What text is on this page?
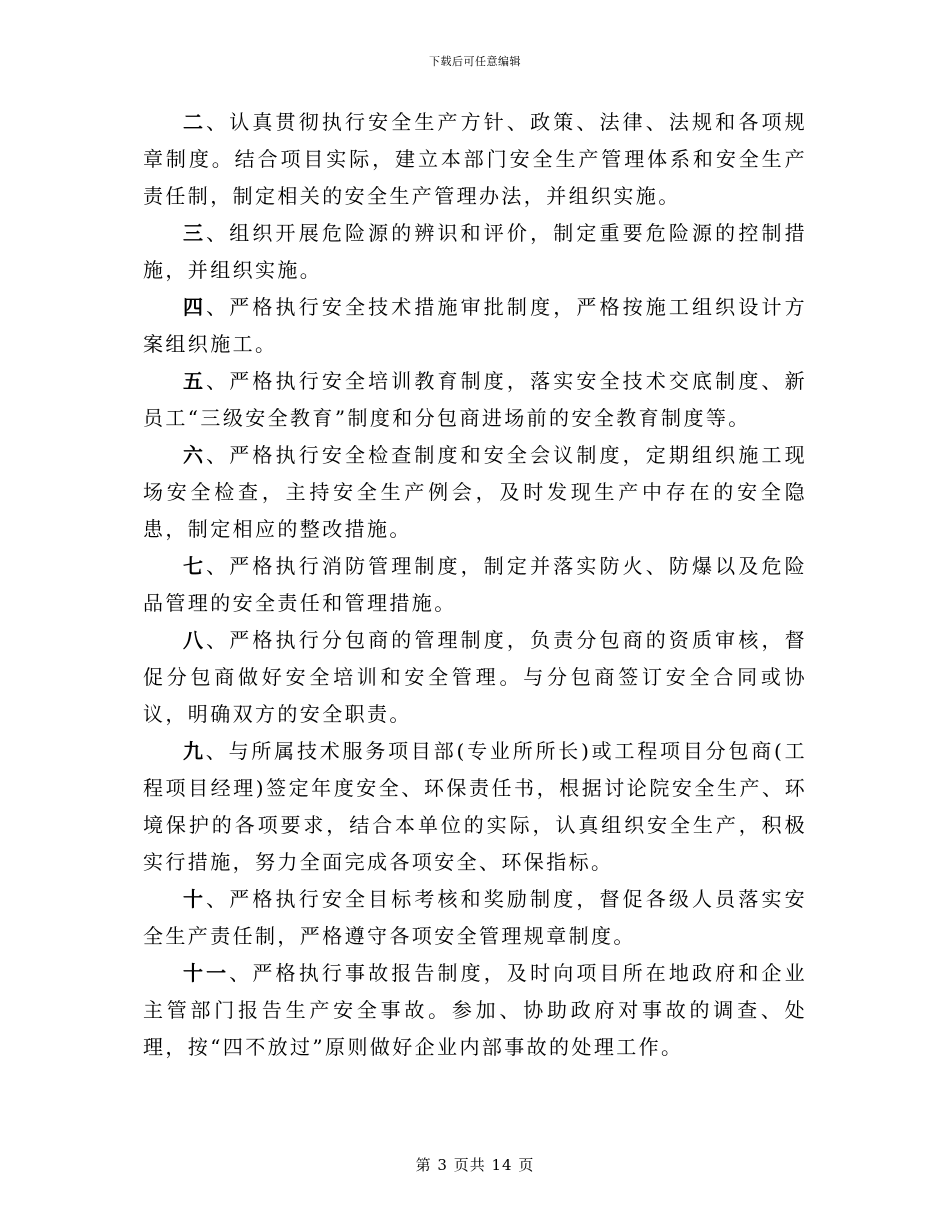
下载后可任意编辑

二、认真贯彻执行安全生产方针、政策、法律、法规和各项规章制度。结合项目实际，建立本部门安全生产管理体系和安全生产责任制，制定相关的安全生产管理办法，并组织实施。

三、组织开展危险源的辨识和评价，制定重要危险源的控制措施，并组织实施。

四、严格执行安全技术措施审批制度，严格按施工组织设计方案组织施工。

五、严格执行安全培训教育制度，落实安全技术交底制度、新员工“三级安全教育”制度和分包商进场前的安全教育制度等。

六、严格执行安全检查制度和安全会议制度，定期组织施工现场安全检查，主持安全生产例会，及时发现生产中存在的安全隐患，制定相应的整改措施。

七、严格执行消防管理制度，制定并落实防火、防爆以及危险品管理的安全责任和管理措施。

八、严格执行分包商的管理制度，负责分包商的资质审核，督促分包商做好安全培训和安全管理。与分包商签订安全合同或协议，明确双方的安全职责。

九、与所属技术服务项目部(专业所所长)或工程项目分包商(工程项目经理)签定年度安全、环保责任书，根据讨论院安全生产、环境保护的各项要求，结合本单位的实际，认真组织安全生产，积极实行措施，努力全面完成各项安全、环保指标。

十、严格执行安全目标考核和奖励制度，督促各级人员落实安全生产责任制，严格遵守各项安全管理规章制度。

十一、严格执行事故报告制度，及时向项目所在地政府和企业主管部门报告生产安全事故。参加、协助政府对事故的调查、处理，按“四不放过”原则做好企业内部事故的处理工作。

第 3 页共 14 页
